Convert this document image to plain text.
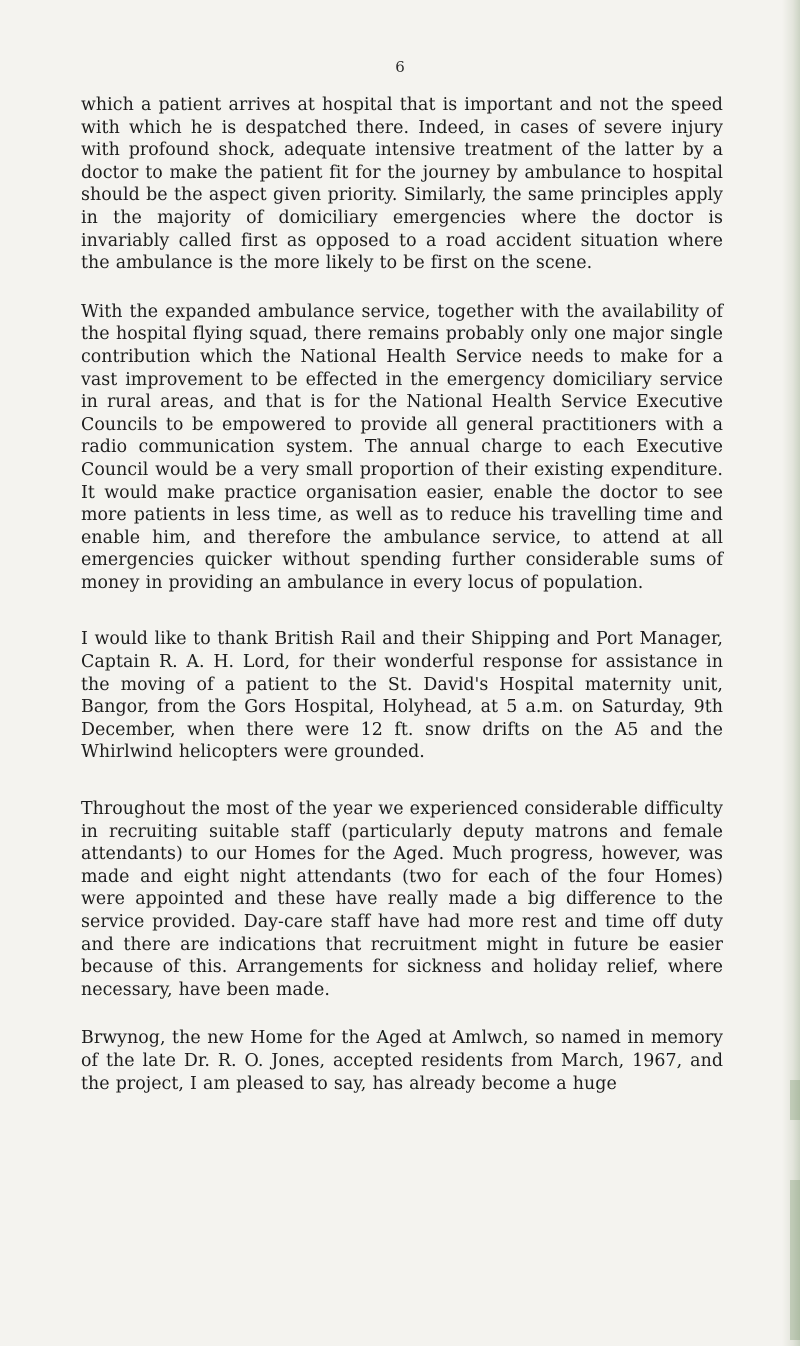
6

which a patient arrives at hospital that is important and not the speed with which he is despatched there. Indeed, in cases of severe injury with profound shock, adequate intensive treatment of the latter by a doctor to make the patient fit for the journey by ambulance to hospital should be the aspect given priority. Similarly, the same principles apply in the majority of domiciliary emergencies where the doctor is invariably called first as opposed to a road accident situation where the ambulance is the more likely to be first on the scene.

With the expanded ambulance service, together with the availability of the hospital flying squad, there remains probably only one major single contribution which the National Health Service needs to make for a vast improvement to be effected in the emergency domiciliary service in rural areas, and that is for the National Health Service Executive Councils to be empowered to provide all general practitioners with a radio communication system. The annual charge to each Executive Council would be a very small proportion of their existing expenditure. It would make practice organisation easier, enable the doctor to see more patients in less time, as well as to reduce his travelling time and enable him, and therefore the ambulance service, to attend at all emergencies quicker without spending further considerable sums of money in providing an ambulance in every locus of population.

I would like to thank British Rail and their Shipping and Port Manager, Captain R. A. H. Lord, for their wonderful response for assistance in the moving of a patient to the St. David's Hospital maternity unit, Bangor, from the Gors Hospital, Holyhead, at 5 a.m. on Saturday, 9th December, when there were 12 ft. snow drifts on the A5 and the Whirlwind helicopters were grounded.

Throughout the most of the year we experienced considerable difficulty in recruiting suitable staff (particularly deputy matrons and female attendants) to our Homes for the Aged. Much progress, however, was made and eight night attendants (two for each of the four Homes) were appointed and these have really made a big difference to the service provided. Day-care staff have had more rest and time off duty and there are indications that recruitment might in future be easier because of this. Arrangements for sickness and holiday relief, where necessary, have been made.

Brwynog, the new Home for the Aged at Amlwch, so named in memory of the late Dr. R. O. Jones, accepted residents from March, 1967, and the project, I am pleased to say, has already become a huge
